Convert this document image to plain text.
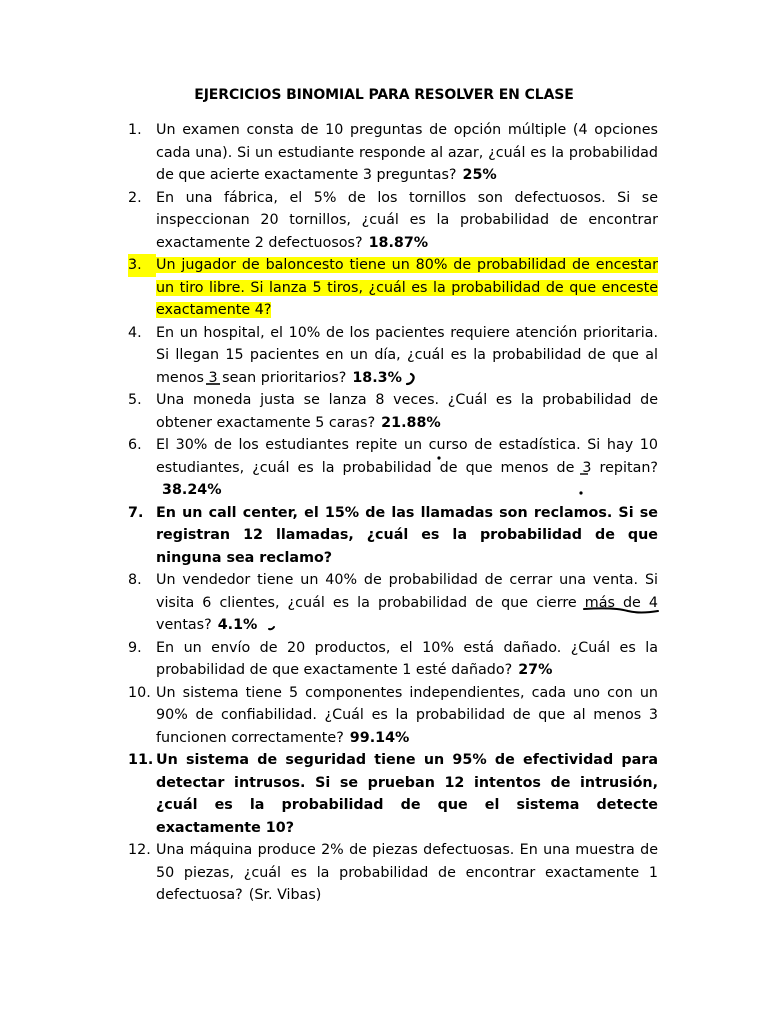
EJERCICIOS BINOMIAL PARA RESOLVER EN CLASE
1.	Un examen consta de 10 preguntas de opción múltiple (4 opciones cada una). Si un estudiante responde al azar, ¿cuál es la probabilidad de que acierte exactamente 3 preguntas? 25%
2.	En una fábrica, el 5% de los tornillos son defectuosos. Si se inspeccionan 20 tornillos, ¿cuál es la probabilidad de encontrar exactamente 2 defectuosos? 18.87%
3.	Un jugador de baloncesto tiene un 80% de probabilidad de encestar un tiro libre. Si lanza 5 tiros, ¿cuál es la probabilidad de que enceste exactamente 4?
4.	En un hospital, el 10% de los pacientes requiere atención prioritaria. Si llegan 15 pacientes en un día, ¿cuál es la probabilidad de que al menos 3 sean prioritarios? 18.3%
5.	Una moneda justa se lanza 8 veces. ¿Cuál es la probabilidad de obtener exactamente 5 caras? 21.88%
6.	El 30% de los estudiantes repite un curso de estadística. Si hay 10 estudiantes, ¿cuál es la probabilidad de que menos de 3 repitan?38.24%
7. En un call center, el 15% de las llamadas son reclamos. Si se registran 12 llamadas, ¿cuál es la probabilidad de que ninguna sea reclamo?
8.	Un vendedor tiene un 40% de probabilidad de cerrar una venta. Si visita 6 clientes, ¿cuál es la probabilidad de que cierre más de 4 ventas? 4.1%
9.	En un envío de 20 productos, el 10% está dañado. ¿Cuál es la probabilidad de que exactamente 1 esté dañado? 27%
10. Un sistema tiene 5 componentes independientes, cada uno con un 90% de confiabilidad. ¿Cuál es la probabilidad de que al menos 3 funcionen correctamente? 99.14%
11. Un sistema de seguridad tiene un 95% de efectividad para detectar intrusos. Si se prueban 12 intentos de intrusión, ¿cuál es la probabilidad de que el sistema detecte exactamente 10?
12. Una máquina produce 2% de piezas defectuosas. En una muestra de 50 piezas, ¿cuál es la probabilidad de encontrar exactamente 1 defectuosa? (Sr. Vibas)
